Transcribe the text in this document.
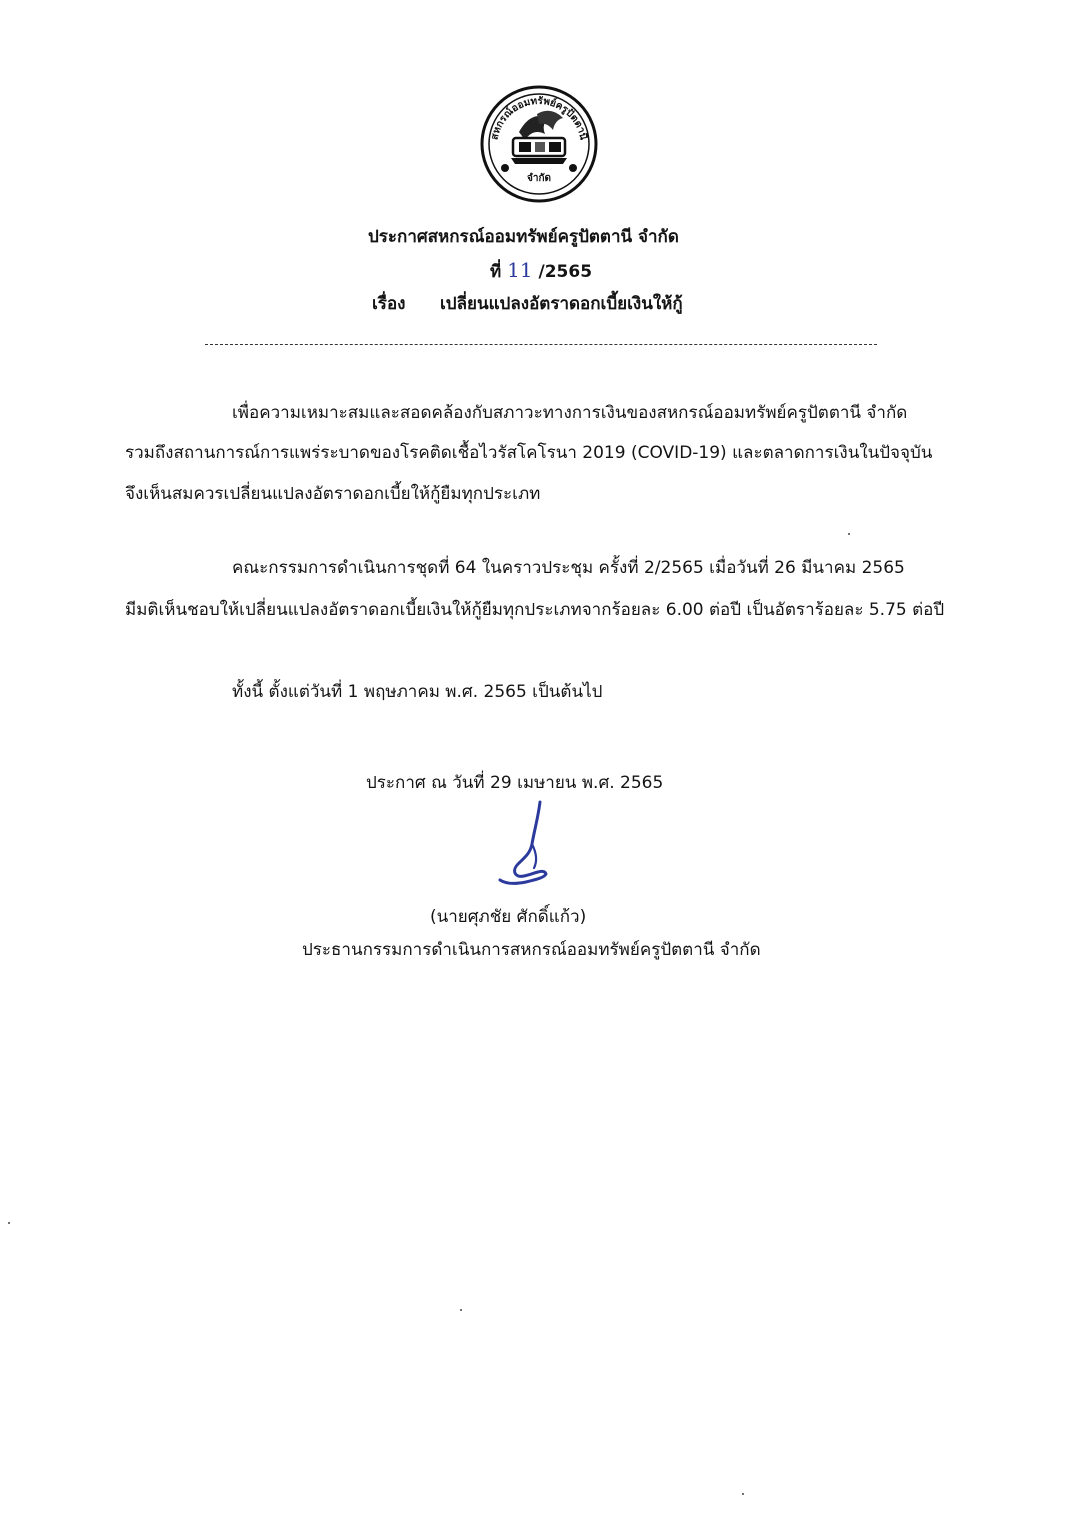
สหกรณ์ออมทรัพย์ครูปัตตานี
จำกัด
ประกาศสหกรณ์ออมทรัพย์ครูปัตตานี จำกัด
ที่ 11 /2565
เรื่อง เปลี่ยนแปลงอัตราดอกเบี้ยเงินให้กู้
เพื่อความเหมาะสมและสอดคล้องกับสภาวะทางการเงินของสหกรณ์ออมทรัพย์ครูปัตตานี จำกัด
รวมถึงสถานการณ์การแพร่ระบาดของโรคติดเชื้อไวรัสโคโรนา 2019 (COVID-19) และตลาดการเงินในปัจจุบัน
จึงเห็นสมควรเปลี่ยนแปลงอัตราดอกเบี้ยให้กู้ยืมทุกประเภท
คณะกรรมการดำเนินการชุดที่ 64 ในคราวประชุม ครั้งที่ 2/2565 เมื่อวันที่ 26 มีนาคม 2565
มีมติเห็นชอบให้เปลี่ยนแปลงอัตราดอกเบี้ยเงินให้กู้ยืมทุกประเภทจากร้อยละ 6.00 ต่อปี เป็นอัตราร้อยละ 5.75 ต่อปี
ทั้งนี้ ตั้งแต่วันที่ 1 พฤษภาคม พ.ศ. 2565 เป็นต้นไป
ประกาศ ณ วันที่ 29 เมษายน พ.ศ. 2565
(นายศุภชัย ศักดิ์แก้ว)
ประธานกรรมการดำเนินการสหกรณ์ออมทรัพย์ครูปัตตานี จำกัด
